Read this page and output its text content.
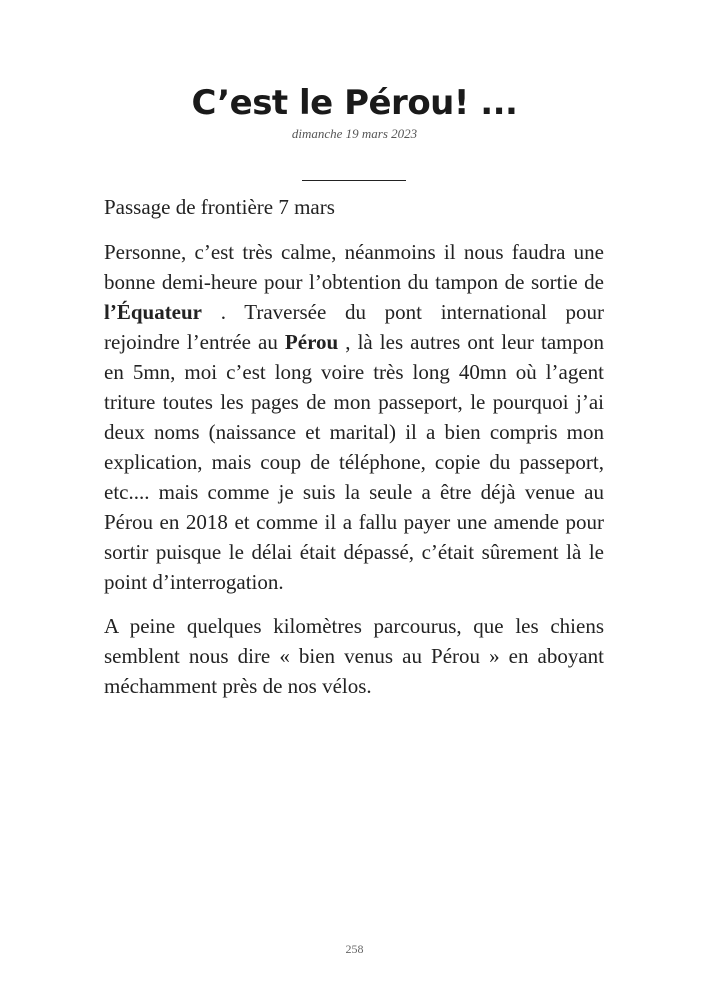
C’est le Pérou! ...
dimanche 19 mars 2023

Passage de frontière 7 mars

Personne, c’est très calme, néanmoins il nous faudra une bonne demi-heure pour l’obtention du tampon de sortie de l’Équateur . Traversée du pont international pour rejoindre l’entrée au Pérou , là les autres ont leur tampon en 5mn, moi c’est long voire très long 40mn où l’agent triture toutes les pages de mon passeport, le pourquoi j’ai deux noms (naissance et marital) il a bien compris mon explication, mais coup de téléphone, copie du passeport, etc.... mais comme je suis la seule a être déjà venue au Pérou en 2018 et comme il a fallu payer une amende pour sortir puisque le délai était dépassé, c’était sûrement là le point d’interrogation.

A peine quelques kilomètres parcourus, que les chiens semblent nous dire « bien venus au Pérou » en aboyant méchamment près de nos vélos.

258
